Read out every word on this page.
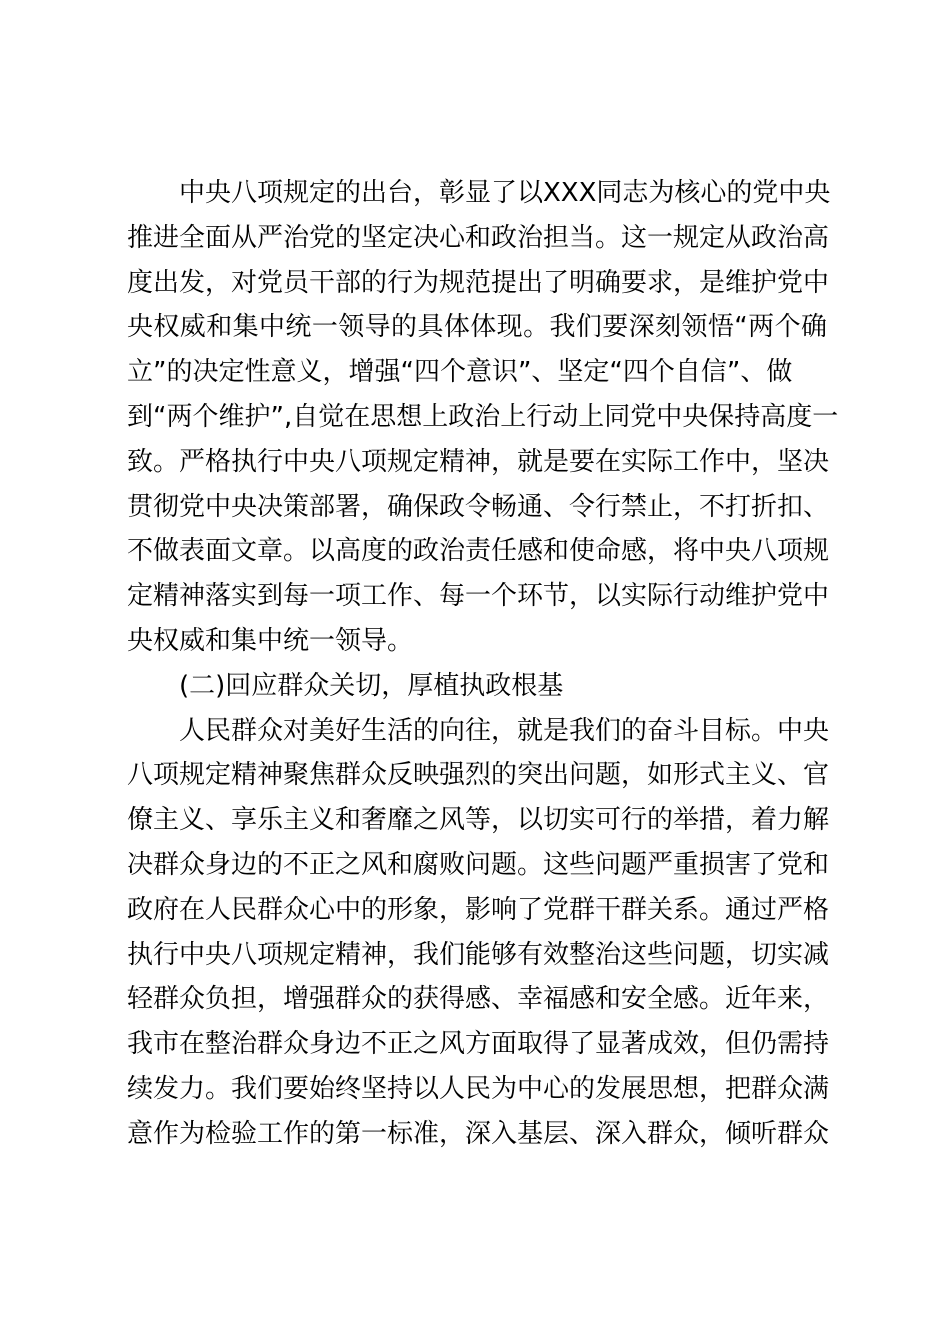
中央八项规定的出台，彰显了以XXX同志为核心的党中央
推进全面从严治党的坚定决心和政治担当。这一规定从政治高
度出发，对党员干部的行为规范提出了明确要求，是维护党中
央权威和集中统一领导的具体体现。我们要深刻领悟“两个确
立”的决定性意义，增强“四个意识”、坚定“四个自信”、做
到“两个维护”,自觉在思想上政治上行动上同党中央保持高度一
致。严格执行中央八项规定精神，就是要在实际工作中，坚决
贯彻党中央决策部署，确保政令畅通、令行禁止，不打折扣、
不做表面文章。以高度的政治责任感和使命感，将中央八项规
定精神落实到每一项工作、每一个环节，以实际行动维护党中
央权威和集中统一领导。
(二)回应群众关切，厚植执政根基
人民群众对美好生活的向往，就是我们的奋斗目标。中央
八项规定精神聚焦群众反映强烈的突出问题，如形式主义、官
僚主义、享乐主义和奢靡之风等，以切实可行的举措，着力解
决群众身边的不正之风和腐败问题。这些问题严重损害了党和
政府在人民群众心中的形象，影响了党群干群关系。通过严格
执行中央八项规定精神，我们能够有效整治这些问题，切实减
轻群众负担，增强群众的获得感、幸福感和安全感。近年来，
我市在整治群众身边不正之风方面取得了显著成效，但仍需持
续发力。我们要始终坚持以人民为中心的发展思想，把群众满
意作为检验工作的第一标准，深入基层、深入群众，倾听群众
